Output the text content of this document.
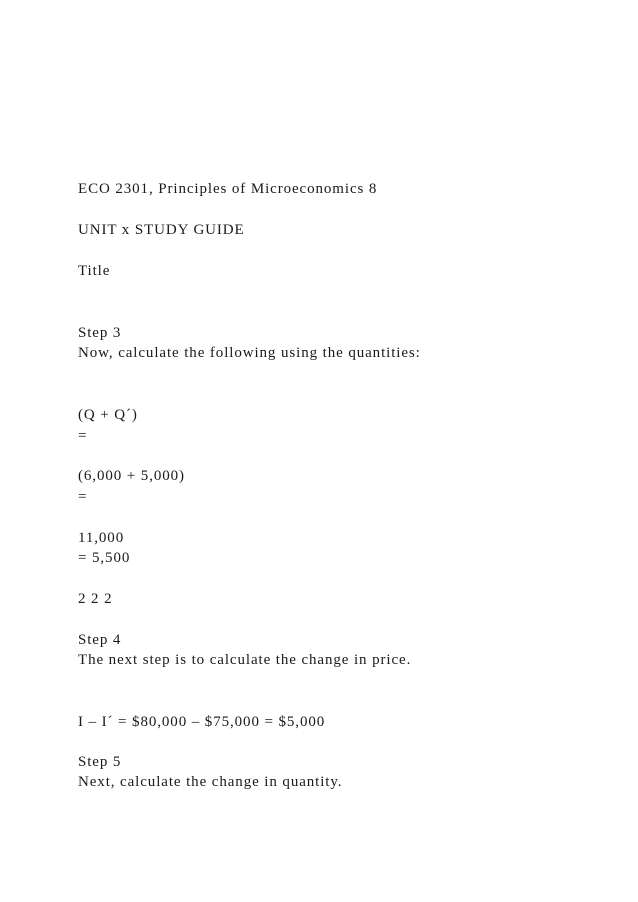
ECO 2301, Principles of Microeconomics 8
UNIT x STUDY GUIDE
Title
Step 3
Now, calculate the following using the quantities:
(Q + Q´)
=
(6,000 + 5,000)
=
11,000
= 5,500
2 2 2
Step 4
The next step is to calculate the change in price.
I – I´ = $80,000 – $75,000 = $5,000
Step 5
Next, calculate the change in quantity.
